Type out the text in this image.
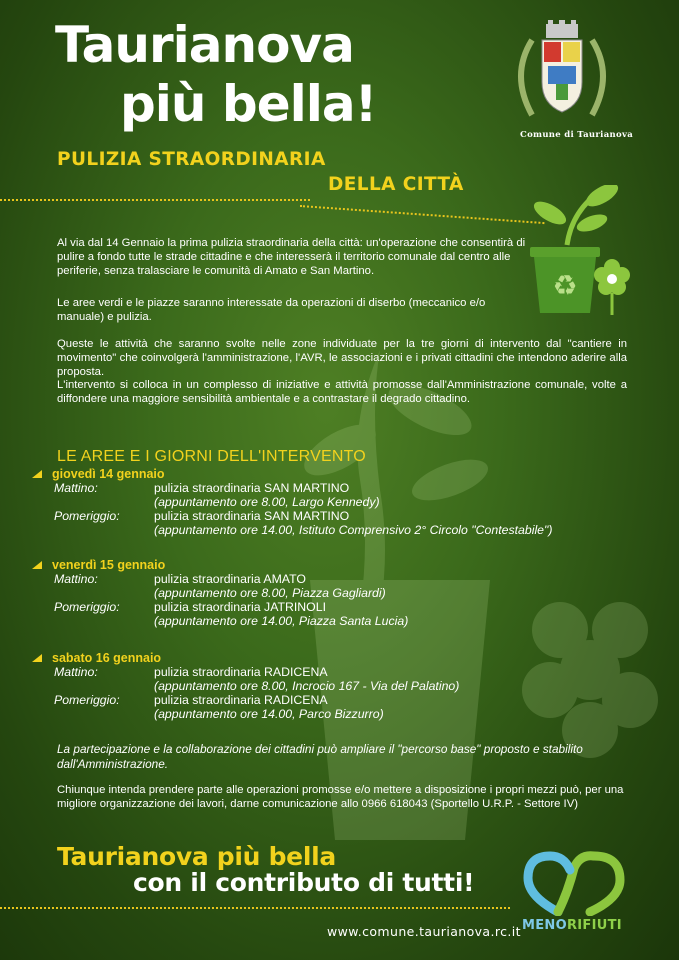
Taurianova
più bella!
Comune di Taurianova
PULIZIA STRAORDINARIA
DELLA CITTÀ
♻
Al via dal 14 Gennaio la prima pulizia straordinaria della città: un'operazione che consentirà di pulire a fondo tutte le strade cittadine e che interesserà il territorio comunale dal centro alle periferie, senza tralasciare le comunità di Amato e San Martino.
Le aree verdi e le piazze saranno interessate da operazioni di diserbo (meccanico e/o manuale) e pulizia.
Queste le attività che saranno svolte nelle zone individuate per la tre giorni di intervento dal "cantiere in movimento" che coinvolgerà l'amministrazione, l'AVR, le associazioni e i privati cittadini che intendono aderire alla proposta.
L'intervento si colloca in un complesso di iniziative e attività promosse dall'Amministrazione comunale, volte a diffondere una maggiore sensibilità ambientale e a contrastare il degrado cittadino.
LE AREE E I GIORNI DELL'INTERVENTO
giovedì 14 gennaio
Mattino:	pulizia straordinaria SAN MARTINO
(appuntamento ore 8.00, Largo Kennedy)
Pomeriggio:	pulizia straordinaria SAN MARTINO
(appuntamento ore 14.00, Istituto Comprensivo 2° Circolo "Contestabile")
venerdì 15 gennaio
Mattino:	pulizia straordinaria AMATO
(appuntamento ore 8.00, Piazza Gagliardi)
Pomeriggio:	pulizia straordinaria JATRINOLI
(appuntamento ore 14.00, Piazza Santa Lucia)
sabato 16 gennaio
Mattino:	pulizia straordinaria RADICENA
(appuntamento ore 8.00, Incrocio 167 - Via del Palatino)
Pomeriggio:	pulizia straordinaria RADICENA
(appuntamento ore 14.00, Parco Bizzurro)
La partecipazione e la collaborazione dei cittadini può ampliare il "percorso base" proposto e stabilito dall'Amministrazione.
Chiunque intenda prendere parte alle operazioni promosse e/o mettere a disposizione i propri mezzi può, per una migliore organizzazione dei lavori, darne comunicazione allo 0966 618043 (Sportello U.R.P. - Settore IV)
Taurianova più bella
con il contributo di tutti!
www.comune.taurianova.rc.it MENORIFIUTI
